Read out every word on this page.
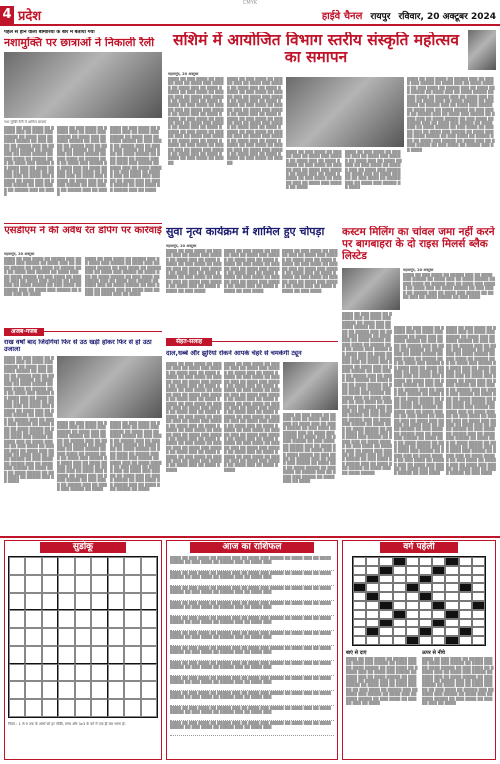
CMYK
4 प्रदेश	हाईवे चैनल रायपुर रविवार, 20 अक्टूबर 2024
पहले से होने वाली बीमारियों के बारे में बताया गया
नशामुक्ति पर छात्राओं ने निकाली रैली
नशा मुक्ति रैली में शामिल छात्राएं
████ ██ ███ ████ ██ █████ ███ ██ ████ ███ █████ ██ ████ ███ ██ ████ █████ ██ ███ ████ ██ █████ ███ ██ ████ ███ █████ ██ ████ ███ ██ ████ █████ ██ ███ ████ ██ █████ ███ ██ ████ ███ █████ ██ ████ ███ ██ ████ █████ ██ ███ ████ ██ █████ ███ ██ ████ ███ █████ ██ ████ ███ ██ ████ █████ ██ ███ ████ ██ █████ ███ ██ ████
████ ██ ███ ████ ██ █████ ███ ██ ████ ███ █████ ██ ████ ███ ██ ████ █████ ██ ███ ████ ██ █████ ███ ██ ████ ███ █████ ██ ████ ███ ██ ████ █████ ██ ███ ████ ██ █████ ███ ██ ████ ███ █████ ██ ████ ███ ██ ████ █████ ██ ███ ████ ██ █████ ███ ██ ████ ███ █████ ██ ████ ███ ██ ████ █████ ██ ███ ████ ██ █████ ███ ██ ████
████ ██ ███ ████ ██ █████ ███ ██ ████ ███ █████ ██ ████ ███ ██ ████ █████ ██ ███ ████ ██ █████ ███ ██ ████ ███ █████ ██ ████ ███ ██ ████ █████ ██ ███ ████ ██ █████ ███ ██ ████ ███ █████ ██ ████ ███ ██ ████ █████ ██ ███ ████ ██ █████ ███ ██ ████ ███ █████ ██ ████ ███ ██ ████ █████ ██ ███ ████ ██ █████ ███ ██ ████
सशिमं में आयोजित विभाग स्तरीय संस्कृति महोत्सव का समापन
महासमुंद, 20 अक्टूबर
████ ██ ███ ████ ██ █████ ███ ██ ████ ███ █████ ██ ████ ███ ██ ████ █████ ██ ███ ████ ██ █████ ███ ██ ████ ███ █████ ██ ████ ███ ██ ████ █████ ██ ███ ████ ██ █████ ███ ██ ████ ███ █████ ██ ████ ███ ██ ████ █████ ██ ███ ████ ██ █████ ███ ██ ████ ███ █████ ██ ████ ███ ██ ████ █████ ██ ███ ████ ██ █████ ███ ██ ████ ███ █████ ██ ████ ███ ██ ████ █████ ██ ███ ████ ██ █████ ███ ██ ████ ███ █████ ██ ████ ███ ██ ████ █████ ██ ███ ████ ██ █████
████ ██ ███ ████ ██ █████ ███ ██ ████ ███ █████ ██ ████ ███ ██ ████ █████ ██ ███ ████ ██ █████ ███ ██ ████ ███ █████ ██ ████ ███ ██ ████ █████ ██ ███ ████ ██ █████ ███ ██ ████ ███ █████ ██ ████ ███ ██ ████ █████ ██ ███ ████ ██ █████ ███ ██ ████ ███ █████ ██ ████ ███ ██ ████ █████ ██ ███ ████ ██ █████ ███ ██ ████ ███ █████ ██ ████ ███ ██ ████ █████ ██ ███ ████ ██ █████ ███ ██ ████ ███ █████ ██ ████ ███ ██ ████ █████ ██ ███ ████ ██ █████
████ ██ ███ ████ ██ █████ ███ ██ ████ ███ █████ ██ ████ ███ ██ ████ █████ ██ ███ ████ ██ █████ ███ ██ ████ ███ █████ ██ ████ ███ ██ ████ █████ ██ ███ ████ ██ █████ ███ ██ ████ ███ █████ ██ ████
████ ██ ███ ████ ██ █████ ███ ██ ████ ███ █████ ██ ████ ███ ██ ████ █████ ██ ███ ████ ██ █████ ███ ██ ████ ███ █████ ██ ████ ███ ██ ████ █████ ██ ███ ████ ██ █████ ███ ██ ████ ███ █████ ██ ████
████ ██ ███ ████ ██ █████ ███ ██ ████ ███ █████ ██ ████ ███ ██ ████ █████ ██ ███ ████ ██ █████ ███ ██ ████ ███ █████ ██ ████ ███ ██ ████ █████ ██ ███ ████ ██ █████ ███ ██ ████ ███ █████ ██ ████ ███ ██ ████ █████ ██ ███ ████ ██ █████ ███ ██ ████ ███ █████ ██ ████ ███ ██ ████ █████ ██ ███ ████ ██ █████ ███ ██ ████ ███ █████ ██ ████ ███ ██ ████ █████ ██ ███ ████ ██ █████ ███ ██ ████ ███ █████ ██ ████ ███ ██ ████ █████ ██ ███ ████ ██ █████ ███ ██ ████ ███ █████ ██ ████ ███ ██ ████ █████ ██ ███ ████ ██ █████ ███ ██ ████ ███ █████ ██ ████ ███ ██ ████ █████ ██ ███ ████ ██ █████ ███ ██ ████
एसडीएम ने की अवैध रेत डंपिंग पर कार्रवाई
महासमुंद, 20 अक्टूबर
████ ██ ███ ████ ██ █████ ███ ██ ████ ███ █████ ██ ████ ███ ██ ████ █████ ██ ███ ████ ██ █████ ███ ██ ████ ███ █████ ██ ████ ███ ██ ████ █████ ██ ███ ████ ██ █████ ███ ██ ████ ███ █████ ██ ████ ███ ██ ████ █████ ██ ███ ████ ██ █████ ███ ██ ████ ███ █████ ██ ████ ███ ██ ████
████ ██ ███ ████ ██ █████ ███ ██ ████ ███ █████ ██ ████ ███ ██ ████ █████ ██ ███ ████ ██ █████ ███ ██ ████ ███ █████ ██ ████ ███ ██ ████ █████ ██ ███ ████ ██ █████ ███ ██ ████ ███ █████ ██ ████ ███ ██ ████ █████ ██ ███ ████ ██ █████ ███ ██ ████ ███ █████ ██ ████ ███ ██ ████
सुवा नृत्य कार्यक्रम में शामिल हुए चोपड़ा
महासमुंद, 20 अक्टूबर
████ ██ ███ ████ ██ █████ ███ ██ ████ ███ █████ ██ ████ ███ ██ ████ █████ ██ ███ ████ ██ █████ ███ ██ ████ ███ █████ ██ ████ ███ ██ ████ █████ ██ ███ ████ ██ █████ ███ ██ ████ ███ █████ ██ ████ ███ ██ ████ █████ ██ ███ ████
████ ██ ███ ████ ██ █████ ███ ██ ████ ███ █████ ██ ████ ███ ██ ████ █████ ██ ███ ████ ██ █████ ███ ██ ████ ███ █████ ██ ████ ███ ██ ████ █████ ██ ███ ████ ██ █████ ███ ██ ████ ███ █████ ██ ████ ███ ██ ████ █████ ██ ███ ████
████ ██ ███ ████ ██ █████ ███ ██ ████ ███ █████ ██ ████ ███ ██ ████ █████ ██ ███ ████ ██ █████ ███ ██ ████ ███ █████ ██ ████ ███ ██ ████ █████ ██ ███ ████ ██ █████ ███ ██ ████ ███ █████ ██ ████ ███ ██ ████ █████ ██ ███ ████
कस्टम मिलिंग का चांवल जमा नहीं करने पर बागबाहरा के दो राइस मिलर्स ब्लैक लिस्टेड
महासमुंद, 20 अक्टूबर
████ ██ ███ ████ ██ █████ ███ ██ ████ ███ █████ ██ ████ ███ ██ ████ █████ ██ ███ ████ ██ █████ ███ ██ ████ ███ █████ ██ ████ ███ ██ ████ █████ ██ ███ ████ ██ █████ ███ ██ ████ ███ █████ ██ ████ ███ ██ ████ █████ ██ ███ ████
████ ██ ███ ████ ██ █████ ███ ██ ████ ███ █████ ██ ████ ███ ██ ████ █████ ██ ███ ████ ██ █████ ███ ██ ████ ███ █████ ██ ████ ███ ██ ████ █████ ██ ███ ████ ██ █████ ███ ██ ████ ███ █████ ██ ████ ███ ██ ████ █████ ██ ███ ████ ██ █████ ███ ██ ████ ███ █████ ██ ████ ███ ██ ████ █████ ██ ███ ████ ██ █████ ███ ██ ████ ███ █████ ██ ████ ███ ██ ████ █████ ██ ███ ████ ██ █████ ███ ██ ████ ███ █████ ██ ████ ███ ██ ████ █████ ██ ███ ████ ██ █████ ███ ██ ████ ███ █████ ██ ████ ███ ██ ████ █████ ██ ███ ████ ██ █████ ███ ██ ████ ███ █████ ██ ████ ███ ██ ████ █████ ██ ███ ████ ██ █████ ███ ██ ████ ███ █████ ██ ████ ███ ██ ████ █████ ██ ███ ████ ██ █████ ███ ██ ████ ███ █████ ██ ████ ███ ██ ████ █████ ██ ███ ████ ██ █████ ███ ██ ████ ███ █████ ██ ████ ███ ██ ████ █████
████ ██ ███ ████ ██ █████ ███ ██ ████ ███ █████ ██ ████ ███ ██ ████ █████ ██ ███ ████ ██ █████ ███ ██ ████ ███ █████ ██ ████ ███ ██ ████ █████ ██ ███ ████ ██ █████ ███ ██ ████ ███ █████ ██ ████ ███ ██ ████ █████ ██ ███ ████ ██ █████ ███ ██ ████ ███ █████ ██ ████ ███ ██ ████ █████ ██ ███ ████ ██ █████ ███ ██ ████ ███ █████ ██ ████ ███ ██ ████ █████ ██ ███ ████ ██ █████ ███ ██ ████ ███ █████ ██ ████ ███ ██ ████ █████ ██ ███ ████ ██ █████ ███ ██ ████ ███ █████ ██ ████ ███ ██ ████ █████ ██ ███ ████ ██ █████ ███ ██ ████ ███ █████ ██ ████ ███ ██ ████ █████ ██ ███ ████ ██ █████ ███ ██ ████ ███ █████ ██ ████ ███ ██ ████ █████ ██ ███ ████ ██ █████ ███ ██ ████ ███ █████ ██ ████ ███ ██ ████ █████ ██ ███ ████
████ ██ ███ ████ ██ █████ ███ ██ ████ ███ █████ ██ ████ ███ ██ ████ █████ ██ ███ ████ ██ █████ ███ ██ ████ ███ █████ ██ ████ ███ ██ ████ █████ ██ ███ ████ ██ █████ ███ ██ ████ ███ █████ ██ ████ ███ ██ ████ █████ ██ ███ ████ ██ █████ ███ ██ ████ ███ █████ ██ ████ ███ ██ ████ █████ ██ ███ ████ ██ █████ ███ ██ ████ ███ █████ ██ ████ ███ ██ ████ █████ ██ ███ ████ ██ █████ ███ ██ ████ ███ █████ ██ ████ ███ ██ ████ █████ ██ ███ ████ ██ █████ ███ ██ ████ ███ █████ ██ ████ ███ ██ ████ █████ ██ ███ ████ ██ █████ ███ ██ ████ ███ █████ ██ ████ ███ ██ ████ █████ ██ ███ ████ ██ █████ ███ ██ ████ ███ █████ ██ ████ ███ ██ ████ █████ ██ ███ ████ ██ █████ ███ ██ ████ ███ █████ ██ ████ ███ ██ ████ █████ ██ ███ ████
अजब-गजब
राख वर्षों बाद जिंदगियां फिर से उठ खड़ी होकर फिर से हो उठा उजाला
████ ██ ███ ████ ██ █████ ███ ██ ████ ███ █████ ██ ████ ███ ██ ████ █████ ██ ███ ████ ██ █████ ███ ██ ████ ███ █████ ██ ████ ███ ██ ████ █████ ██ ███ ████ ██ █████ ███ ██ ████ ███ █████ ██ ████ ███ ██ ████ █████ ██ ███ ████ ██ █████ ███ ██ ████ ███ █████ ██ ████ ███ ██ ████ █████ ██ ███ ████ ██ █████ ███ ██ ████ ███ █████ ██ ████ ███ ██ ████ █████ ██ ███ ████ ██ █████ ███ ██ ████ ███ █████ ██ ████ ███ ██ ████ █████ ██ ███ ████ ██ █████ ███ ██ ████ ███ █████ ██ ████ ███ ██ ████ █████ ██ ███ ████ ██ █████ ███ ██ ████ ███ █████ ██ ████ ███ ██ ████ █████ ██ ███ ████ ██ █████ ███ ██ ████
████ ██ ███ ████ ██ █████ ███ ██ ████ ███ █████ ██ ████ ███ ██ ████ █████ ██ ███ ████ ██ █████ ███ ██ ████ ███ █████ ██ ████ ███ ██ ████ █████ ██ ███ ████ ██ █████ ███ ██ ████ ███ █████ ██ ████ ███ ██ ████ █████ ██ ███ ████ ██ █████ ███ ██ ████ ███ █████ ██ ████ ███ ██ ████ █████ ██ ███ ████ ██ █████ ███ ██ ████ ███ █████ ██ ████
████ ██ ███ ████ ██ █████ ███ ██ ████ ███ █████ ██ ████ ███ ██ ████ █████ ██ ███ ████ ██ █████ ███ ██ ████ ███ █████ ██ ████ ███ ██ ████ █████ ██ ███ ████ ██ █████ ███ ██ ████ ███ █████ ██ ████ ███ ██ ████ █████ ██ ███ ████ ██ █████ ███ ██ ████ ███ █████ ██ ████ ███ ██ ████ █████ ██ ███ ████ ██ █████ ███ ██ ████ ███ █████ ██ ████
सेहत-सलाह
दाल,धब्बे और झुर्रियां रोकने आपके चेहरे से चमकेगी ट्यून
████ ██ ███ ████ ██ █████ ███ ██ ████ ███ █████ ██ ████ ███ ██ ████ █████ ██ ███ ████ ██ █████ ███ ██ ████ ███ █████ ██ ████ ███ ██ ████ █████ ██ ███ ████ ██ █████ ███ ██ ████ ███ █████ ██ ████ ███ ██ ████ █████ ██ ███ ████ ██ █████ ███ ██ ████ ███ █████ ██ ████ ███ ██ ████ █████ ██ ███ ████ ██ █████ ███ ██ ████ ███ █████ ██ ████ ███ ██ ████ █████ ██ ███ ████ ██ █████ ███ ██ ████ ███ █████ ██ ████ ███ ██ ████ █████ ██ ███ ████ ██ █████ ███ ██ ████ ███ █████ ██ ████ ███ ██ ████ █████ ██ ███ ████ ██ █████ ███ ██ ████ ███ █████ ██ ████ ███ ██ ████ █████
████ ██ ███ ████ ██ █████ ███ ██ ████ ███ █████ ██ ████ ███ ██ ████ █████ ██ ███ ████ ██ █████ ███ ██ ████ ███ █████ ██ ████ ███ ██ ████ █████ ██ ███ ████ ██ █████ ███ ██ ████ ███ █████ ██ ████ ███ ██ ████ █████ ██ ███ ████ ██ █████ ███ ██ ████ ███ █████ ██ ████ ███ ██ ████ █████ ██ ███ ████ ██ █████ ███ ██ ████ ███ █████ ██ ████ ███ ██ ████ █████ ██ ███ ████ ██ █████ ███ ██ ████ ███ █████ ██ ████ ███ ██ ████ █████ ██ ███ ████ ██ █████ ███ ██ ████ ███ █████ ██ ████ ███ ██ ████ █████ ██ ███ ████ ██ █████ ███ ██ ████ ███ █████ ██ ████ ███ ██ ████ █████
████ ██ ███ ████ ██ █████ ███ ██ ████ ███ █████ ██ ████ ███ ██ ████ █████ ██ ███ ████ ██ █████ ███ ██ ████ ███ █████ ██ ████ ███ ██ ████ █████ ██ ███ ████ ██ █████ ███ ██ ████ ███ █████ ██ ████ ███ ██ ████ █████ ██ ███ ████ ██ █████ ███ ██ ████ ███ █████ ██ ████ ███ ██ ████ █████ ██ ███ ████ ██ █████ ███ ██ ████ ███ █████ ██ ████ ███ ██ ████
सुडोकू
नियम : 1 से 9 तक के अंकों को हर पंक्ति, स्तंभ और 3x3 के वर्ग में एक ही बार भरना है।
आज का राशिफल
████ ██ ███ ████ ██ █████ ███ ██ ████ ███ █████ ██ ████ ███ ██ ████ █████ ██ ███ ████ ██ █████ ███ ██ ████ ███
████ ██ ███ ████ ██ █████ ███ ██ ████ ███ █████ ██ ████ ███ ██ ████ █████ ██ ███ ████ ██ █████ ███ ██ ████ ███
████ ██ ███ ████ ██ █████ ███ ██ ████ ███ █████ ██ ████ ███ ██ ████ █████ ██ ███ ████ ██ █████ ███ ██ ████ ███
████ ██ ███ ████ ██ █████ ███ ██ ████ ███ █████ ██ ████ ███ ██ ████ █████ ██ ███ ████ ██ █████ ███ ██ ████ ███
████ ██ ███ ████ ██ █████ ███ ██ ████ ███ █████ ██ ████ ███ ██ ████ █████ ██ ███ ████ ██ █████ ███ ██ ████ ███
████ ██ ███ ████ ██ █████ ███ ██ ████ ███ █████ ██ ████ ███ ██ ████ █████ ██ ███ ████ ██ █████ ███ ██ ████ ███
████ ██ ███ ████ ██ █████ ███ ██ ████ ███ █████ ██ ████ ███ ██ ████ █████ ██ ███ ████ ██ █████ ███ ██ ████ ███
████ ██ ███ ████ ██ █████ ███ ██ ████ ███ █████ ██ ████ ███ ██ ████ █████ ██ ███ ████ ██ █████ ███ ██ ████ ███
████ ██ ███ ████ ██ █████ ███ ██ ████ ███ █████ ██ ████ ███ ██ ████ █████ ██ ███ ████ ██ █████ ███ ██ ████ ███
████ ██ ███ ████ ██ █████ ███ ██ ████ ███ █████ ██ ████ ███ ██ ████ █████ ██ ███ ████ ██ █████ ███ ██ ████ ███
████ ██ ███ ████ ██ █████ ███ ██ ████ ███ █████ ██ ████ ███ ██ ████ █████ ██ ███ ████ ██ █████ ███ ██ ████ ███
████ ██ ███ ████ ██ █████ ███ ██ ████ ███ █████ ██ ████ ███ ██ ████ █████ ██ ███ ████ ██ █████ ███ ██ ████ ███
वर्ग पहेली
बाएं से दाएं	ऊपर से नीचे
████ ██ ███ ████ ██ █████ ███ ██ ████ ███ █████ ██ ████ ███ ██ ████ █████ ██ ███ ████ ██ █████ ███ ██ ████ ███ █████ ██ ████ ███ ██ ████ █████ ██ ███ ████ ██ █████ ███ ██ ████ ███ █████ ██ ████ ███ ██ ████ █████ ██ ███ ████ ██ █████ ███ ██ ████ ███ █████ ██ ████ ███ ██ ████ █████ ██ ███ ████ ██ █████ ███ ██ ████
████ ██ ███ ████ ██ █████ ███ ██ ████ ███ █████ ██ ████ ███ ██ ████ █████ ██ ███ ████ ██ █████ ███ ██ ████ ███ █████ ██ ████ ███ ██ ████ █████ ██ ███ ████ ██ █████ ███ ██ ████ ███ █████ ██ ████ ███ ██ ████ █████ ██ ███ ████ ██ █████ ███ ██ ████ ███ █████ ██ ████ ███ ██ ████ █████ ██ ███ ████ ██ █████ ███ ██ ████
